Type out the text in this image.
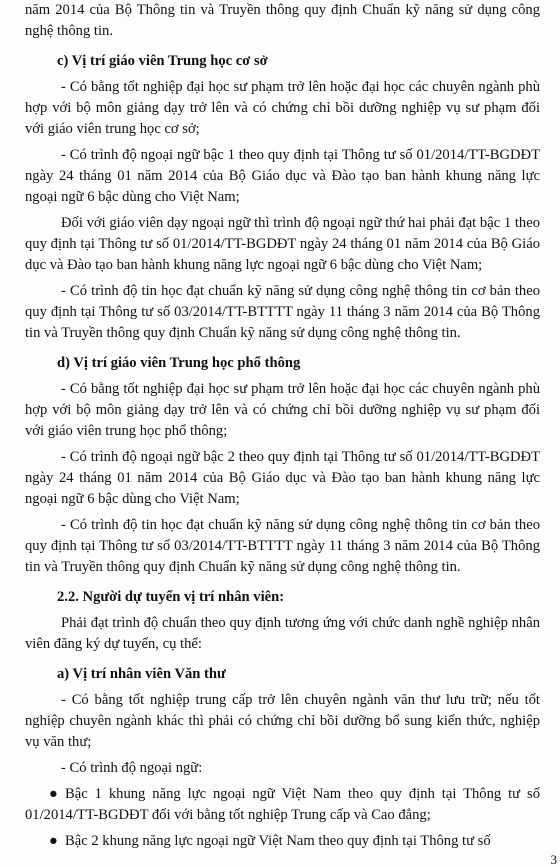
năm 2014 của Bộ Thông tin và Truyền thông quy định Chuẩn kỹ năng sử dụng công nghệ thông tin.

c) Vị trí giáo viên Trung học cơ sở

- Có bằng tốt nghiệp đại học sư phạm trở lên hoặc đại học các chuyên ngành phù hợp với bộ môn giảng dạy trở lên và có chứng chỉ bồi dưỡng nghiệp vụ sư phạm đối với giáo viên trung học cơ sở;

- Có trình độ ngoại ngữ bậc 1 theo quy định tại Thông tư số 01/2014/TT-BGDĐT ngày 24 tháng 01 năm 2014 của Bộ Giáo dục và Đào tạo ban hành khung năng lực ngoại ngữ 6 bậc dùng cho Việt Nam;

Đối với giáo viên dạy ngoại ngữ thì trình độ ngoại ngữ thứ hai phải đạt bậc 1 theo quy định tại Thông tư số 01/2014/TT-BGDĐT ngày 24 tháng 01 năm 2014 của Bộ Giáo dục và Đào tạo ban hành khung năng lực ngoại ngữ 6 bậc dùng cho Việt Nam;

- Có trình độ tin học đạt chuẩn kỹ năng sử dụng công nghệ thông tin cơ bản theo quy định tại Thông tư số 03/2014/TT-BTTTT ngày 11 tháng 3 năm 2014 của Bộ Thông tin và Truyền thông quy định Chuẩn kỹ năng sử dụng công nghệ thông tin.

d) Vị trí giáo viên Trung học phổ thông

- Có bằng tốt nghiệp đại học sư phạm trở lên hoặc đại học các chuyên ngành phù hợp với bộ môn giảng dạy trở lên và có chứng chỉ bồi dưỡng nghiệp vụ sư phạm đối với giáo viên trung học phổ thông;

- Có trình độ ngoại ngữ bậc 2 theo quy định tại Thông tư số 01/2014/TT-BGDĐT ngày 24 tháng 01 năm 2014 của Bộ Giáo dục và Đào tạo ban hành khung năng lực ngoại ngữ 6 bậc dùng cho Việt Nam;

- Có trình độ tin học đạt chuẩn kỹ năng sử dụng công nghệ thông tin cơ bản theo quy định tại Thông tư số 03/2014/TT-BTTTT ngày 11 tháng 3 năm 2014 của Bộ Thông tin và Truyền thông quy định Chuẩn kỹ năng sử dụng công nghệ thông tin.

2.2. Người dự tuyển vị trí nhân viên:

Phải đạt trình độ chuẩn theo quy định tương ứng với chức danh nghề nghiệp nhân viên đăng ký dự tuyển, cụ thể:

a) Vị trí nhân viên Văn thư

- Có bằng tốt nghiệp trung cấp trở lên chuyên ngành văn thư lưu trữ; nếu tốt nghiệp chuyên ngành khác thì phải có chứng chỉ bồi dưỡng bổ sung kiến thức, nghiệp vụ văn thư;

- Có trình độ ngoại ngữ:

● Bậc 1 khung năng lực ngoại ngữ Việt Nam theo quy định tại Thông tư số 01/2014/TT-BGDĐT đối với bằng tốt nghiệp Trung cấp và Cao đẳng;

● Bậc 2 khung năng lực ngoại ngữ Việt Nam theo quy định tại Thông tư số

3
